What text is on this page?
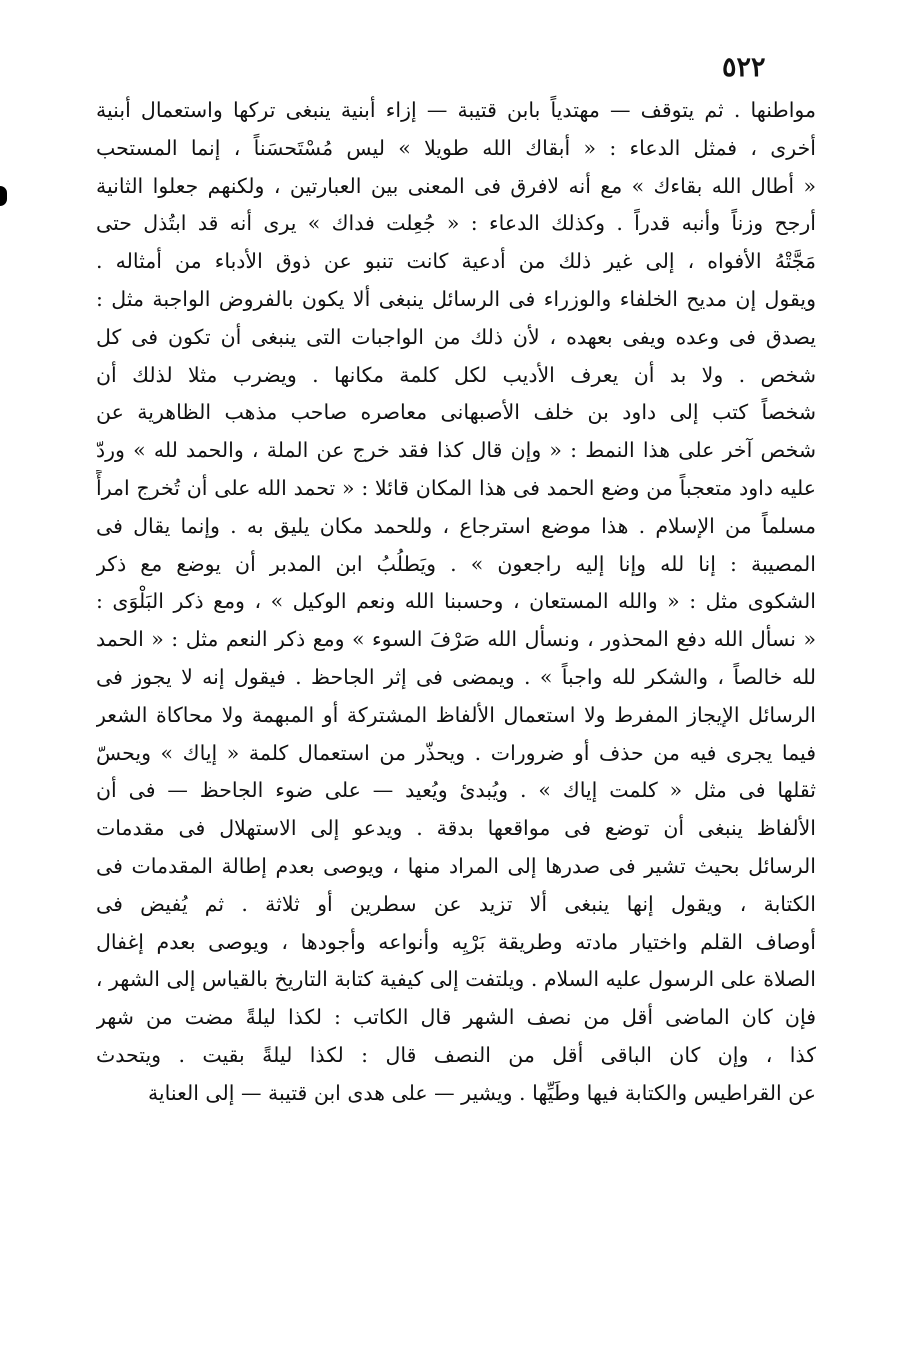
٥٢٢
مواطنها . ثم يتوقف — مهتدياً بابن قتيبة — إزاء أبنية ينبغى تركها واستعمال أبنية
أخرى ، فمثل الدعاء : « أبقاك الله طويلا » ليس مُسْتَحسَناً ، إنما المستحب
« أطال الله بقاءك » مع أنه لافرق فى المعنى بين العبارتين ، ولكنهم جعلوا الثانية
أرجح وزناً وأنبه قدراً . وكذلك الدعاء : « جُعِلت فداك » يرى أنه قد ابتُذل حتى
مَجَّتْهُ الأفواه ، إلى غير ذلك من أدعية كانت تنبو عن ذوق الأدباء من أمثاله .
ويقول إن مديح الخلفاء والوزراء فى الرسائل ينبغى ألا يكون بالفروض الواجبة مثل :
يصدق فى وعده ويفى بعهده ، لأن ذلك من الواجبات التى ينبغى أن تكون فى كل
شخص . ولا بد أن يعرف الأديب لكل كلمة مكانها . ويضرب مثلا لذلك أن
شخصاً كتب إلى داود بن خلف الأصبهانى معاصره صاحب مذهب الظاهرية عن
شخص آخر على هذا النمط : « وإن قال كذا فقد خرج عن الملة ، والحمد لله » وردّ
عليه داود متعجباً من وضع الحمد فى هذا المكان قائلا : « تحمد الله على أن تُخرج امرأً
مسلماً من الإسلام . هذا موضع استرجاع ، وللحمد مكان يليق به . وإنما يقال فى
المصيبة : إنا لله وإنا إليه راجعون » . ويَطلُبُ ابن المدبر أن يوضع مع ذكر
الشكوى مثل : « والله المستعان ، وحسبنا الله ونعم الوكيل » ، ومع ذكر البَلْوَى :
« نسأل الله دفع المحذور ، ونسأل الله صَرْفَ السوء » ومع ذكر النعم مثل : « الحمد
لله خالصاً ، والشكر لله واجباً » . ويمضى فى إثر الجاحظ . فيقول إنه لا يجوز فى
الرسائل الإيجاز المفرط ولا استعمال الألفاظ المشتركة أو المبهمة ولا محاكاة الشعر
فيما يجرى فيه من حذف أو ضرورات . ويحذّر من استعمال كلمة « إياك » ويحسّ
ثقلها فى مثل « كلمت إياك » . ويُبدئ ويُعيد — على ضوء الجاحظ — فى أن
الألفاظ ينبغى أن توضع فى مواقعها بدقة . ويدعو إلى الاستهلال فى مقدمات
الرسائل بحيث تشير فى صدرها إلى المراد منها ، ويوصى بعدم إطالة المقدمات فى
الكتابة ، ويقول إنها ينبغى ألا تزيد عن سطرين أو ثلاثة . ثم يُفيض فى
أوصاف القلم واختيار مادته وطريقة بَرْيِه وأنواعه وأجودها ، ويوصى بعدم إغفال
الصلاة على الرسول عليه السلام . ويلتفت إلى كيفية كتابة التاريخ بالقياس إلى الشهر ،
فإن كان الماضى أقل من نصف الشهر قال الكاتب : لكذا ليلةً مضت من شهر
كذا ، وإن كان الباقى أقل من النصف قال : لكذا ليلةً بقيت . ويتحدث
عن القراطيس والكتابة فيها وطَيِّها . ويشير — على هدى ابن قتيبة — إلى العناية
